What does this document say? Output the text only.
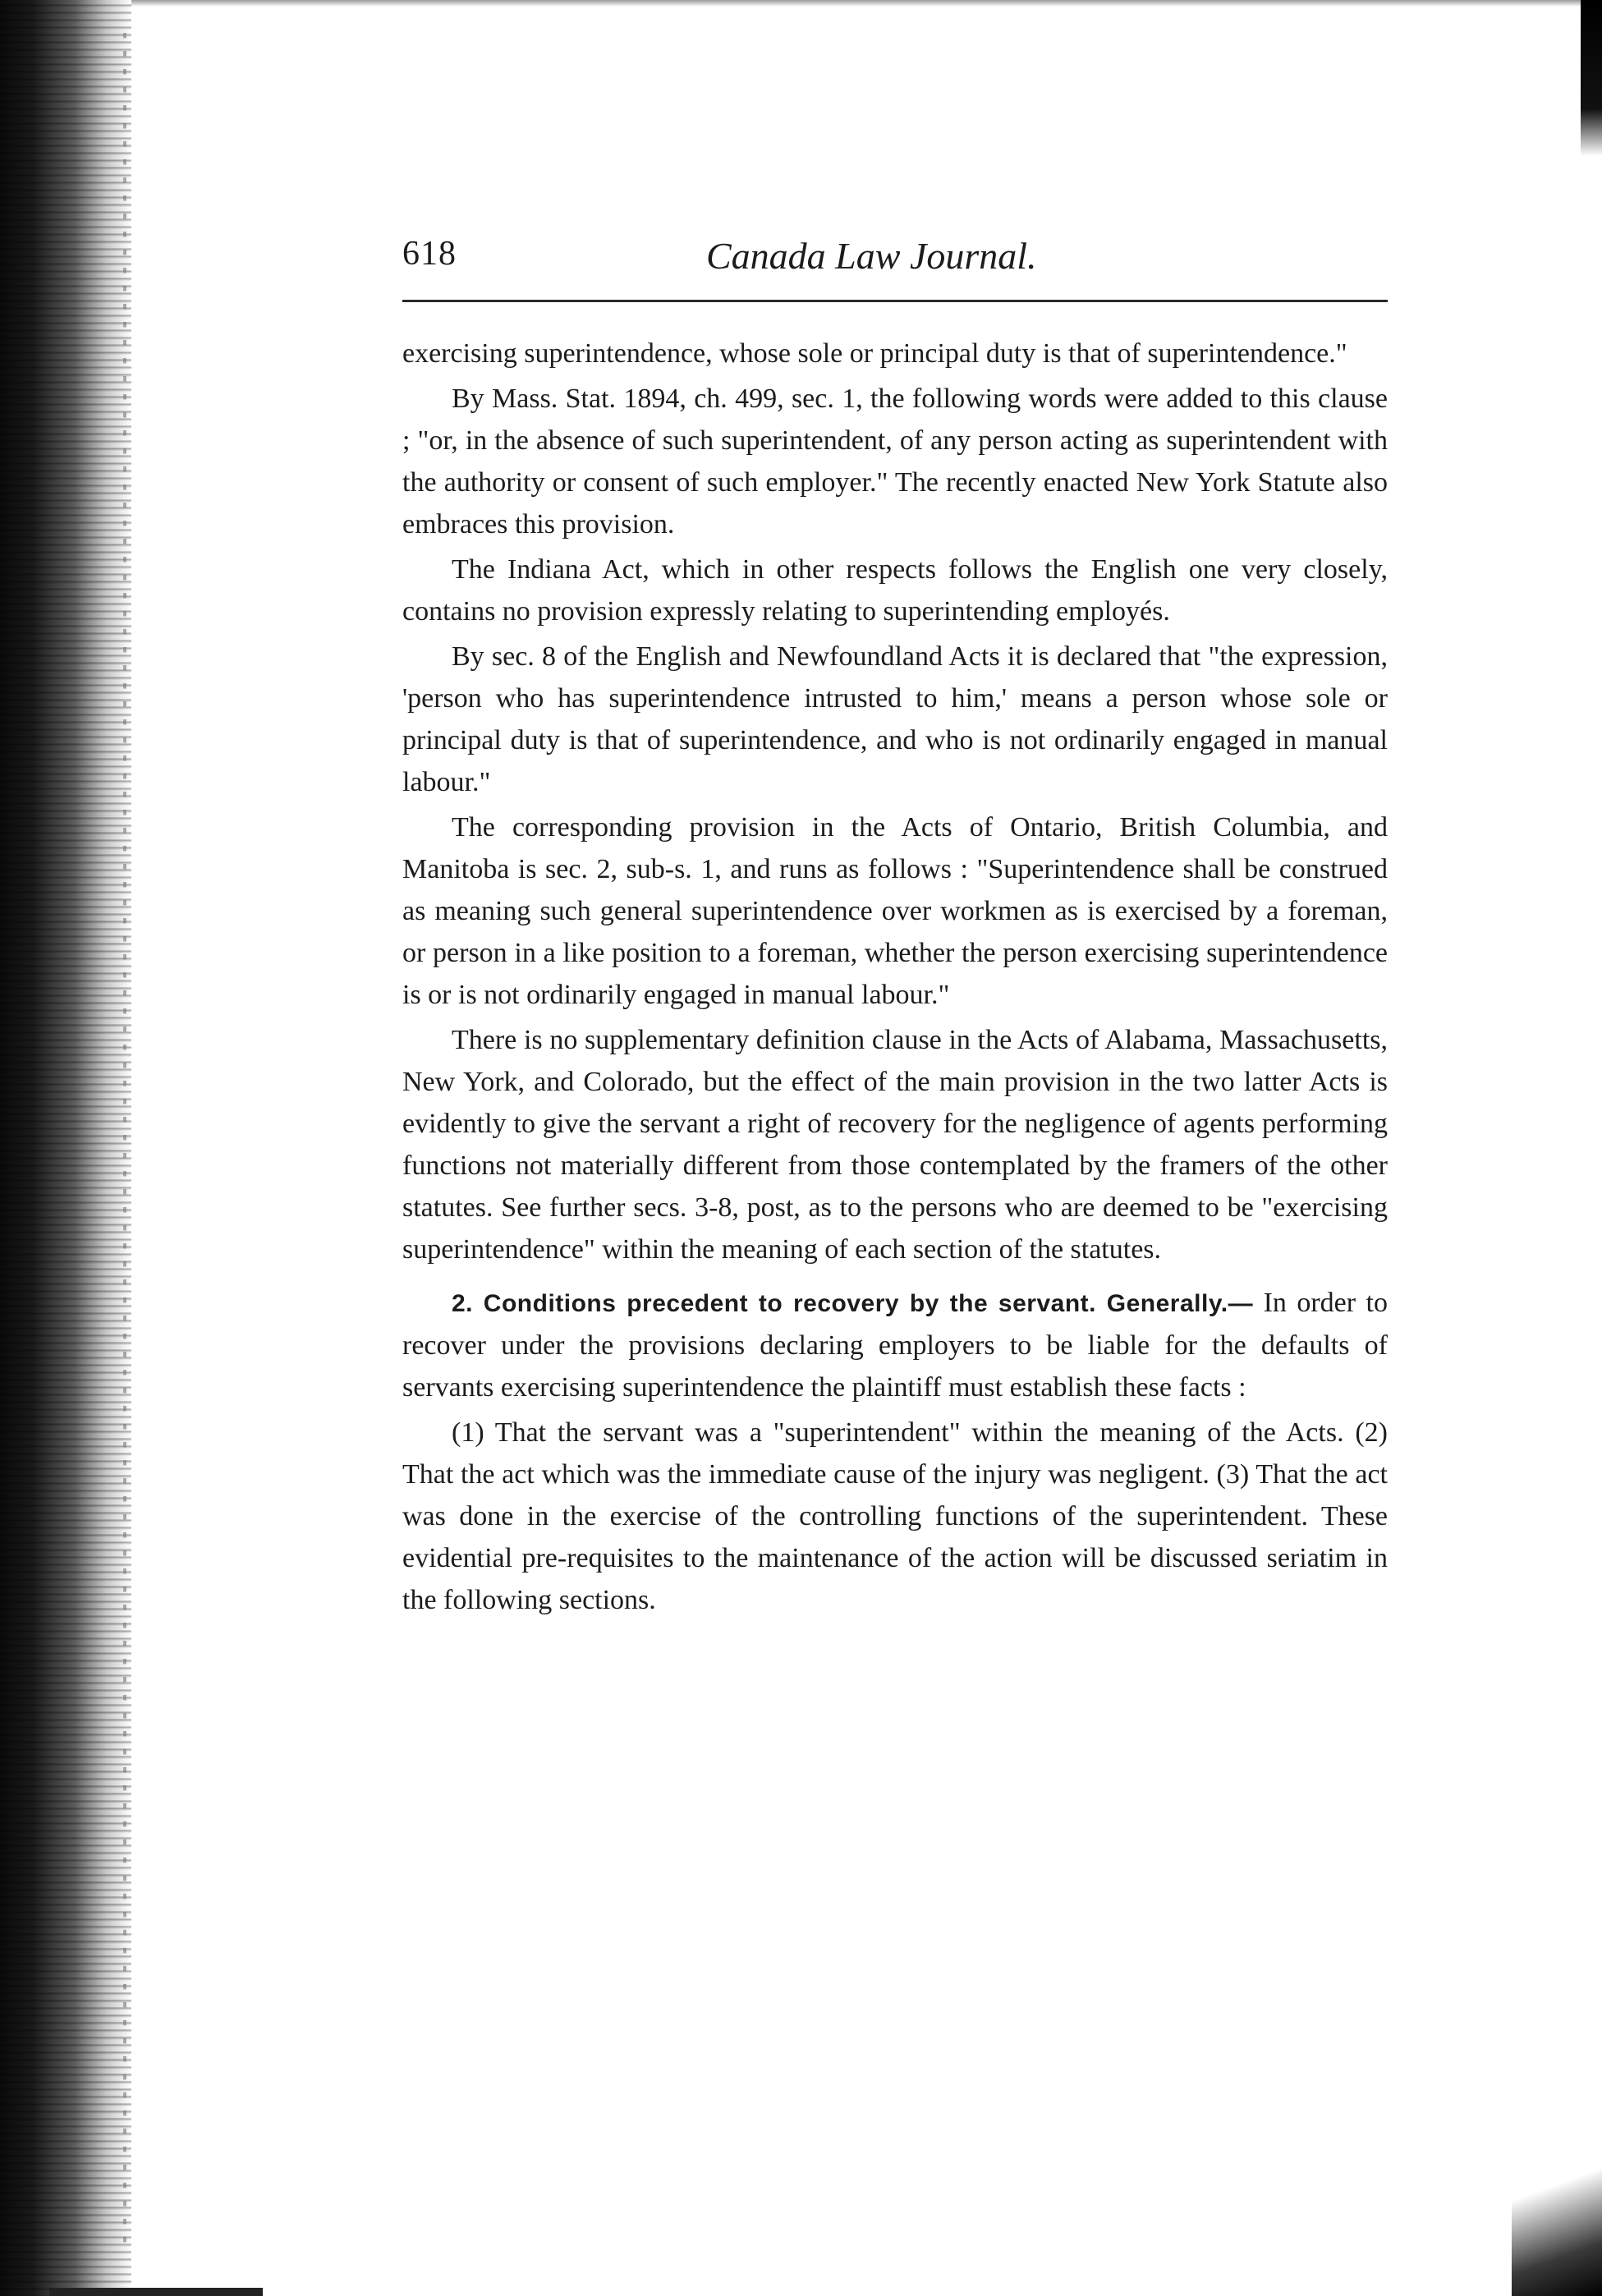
618	Canada Law Journal.

exercising superintendence, whose sole or principal duty is that of superintendence."

By Mass. Stat. 1894, ch. 499, sec. 1, the following words were added to this clause ; "or, in the absence of such superintendent, of any person acting as superintendent with the authority or consent of such employer." The recently enacted New York Statute also embraces this provision.

The Indiana Act, which in other respects follows the English one very closely, contains no provision expressly relating to superintending employés.

By sec. 8 of the English and Newfoundland Acts it is declared that "the expression, 'person who has superintendence intrusted to him,' means a person whose sole or principal duty is that of superintendence, and who is not ordinarily engaged in manual labour."

The corresponding provision in the Acts of Ontario, British Columbia, and Manitoba is sec. 2, sub-s. 1, and runs as follows : "Superintendence shall be construed as meaning such general superintendence over workmen as is exercised by a foreman, or person in a like position to a foreman, whether the person exercising superintendence is or is not ordinarily engaged in manual labour."

There is no supplementary definition clause in the Acts of Alabama, Massachusetts, New York, and Colorado, but the effect of the main provision in the two latter Acts is evidently to give the servant a right of recovery for the negligence of agents performing functions not materially different from those contemplated by the framers of the other statutes. See further secs. 3-8, post, as to the persons who are deemed to be "exercising superintendence" within the meaning of each section of the statutes.

2. Conditions precedent to recovery by the servant. Generally.— In order to recover under the provisions declaring employers to be liable for the defaults of servants exercising superintendence the plaintiff must establish these facts :

(1) That the servant was a "superintendent" within the meaning of the Acts. (2) That the act which was the immediate cause of the injury was negligent. (3) That the act was done in the exercise of the controlling functions of the superintendent. These evidential pre-requisites to the maintenance of the action will be discussed seriatim in the following sections.
